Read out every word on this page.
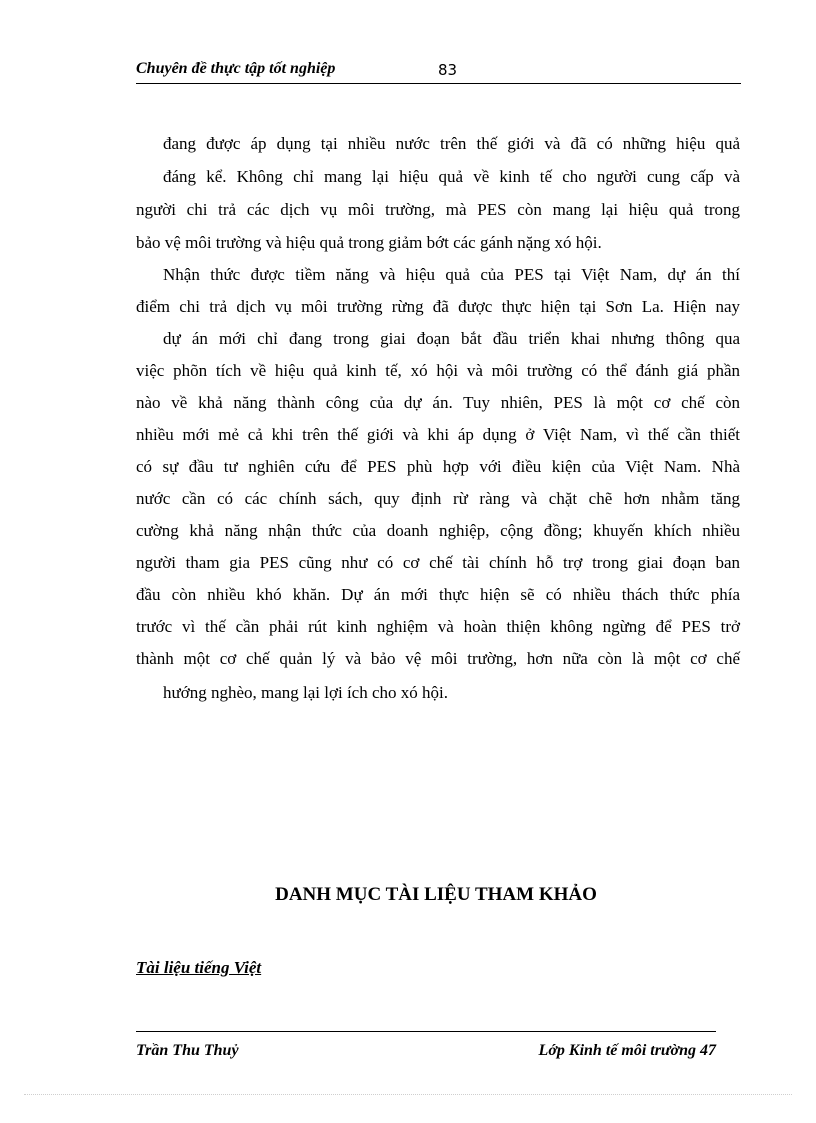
Chuyên đề thực tập tốt nghiệp	83
đang được áp dụng tại nhiều nước trên thế giới và đã có những hiệu quả
đáng kể. Không chỉ mang lại hiệu quả về kinh tế cho người cung cấp và
người chi trả các dịch vụ môi trường, mà PES còn mang lại hiệu quả trong
bảo vệ môi trường và hiệu quả trong giảm bớt các gánh nặng xó hội.
Nhận thức được tiềm năng và hiệu quả của PES tại Việt Nam, dự án thí
điểm chi trả dịch vụ môi trường rừng đã được thực hiện tại Sơn La. Hiện nay
dự án mới chỉ đang trong giai đoạn bắt đầu triển khai nhưng thông qua
việc phõn tích về hiệu quả kinh tế, xó hội và môi trường có thể đánh giá phần
nào về khả năng thành công của dự án. Tuy nhiên, PES là một cơ chế còn
nhiều mới mẻ cả khi trên thế giới và khi áp dụng ở Việt Nam, vì thế cần thiết
có sự đầu tư nghiên cứu để PES phù hợp với điều kiện của Việt Nam. Nhà
nước cần có các chính sách, quy định rừ ràng và chặt chẽ hơn nhằm tăng
cường khả năng nhận thức của doanh nghiệp, cộng đồng; khuyến khích nhiều
người tham gia PES cũng như có cơ chế tài chính hỗ trợ trong giai đoạn ban
đầu còn nhiều khó khăn. Dự án mới thực hiện sẽ có nhiều thách thức phía
trước vì thế cần phải rút kinh nghiệm và hoàn thiện không ngừng để PES trở
thành một cơ chế quản lý và bảo vệ môi trường, hơn nữa còn là một cơ chế
hướng nghèo, mang lại lợi ích cho xó hội.
DANH MỤC TÀI LIỆU THAM KHẢO
Tài liệu tiếng Việt
Trần Thu Thuỷ	Lớp Kinh tế môi trường 47
